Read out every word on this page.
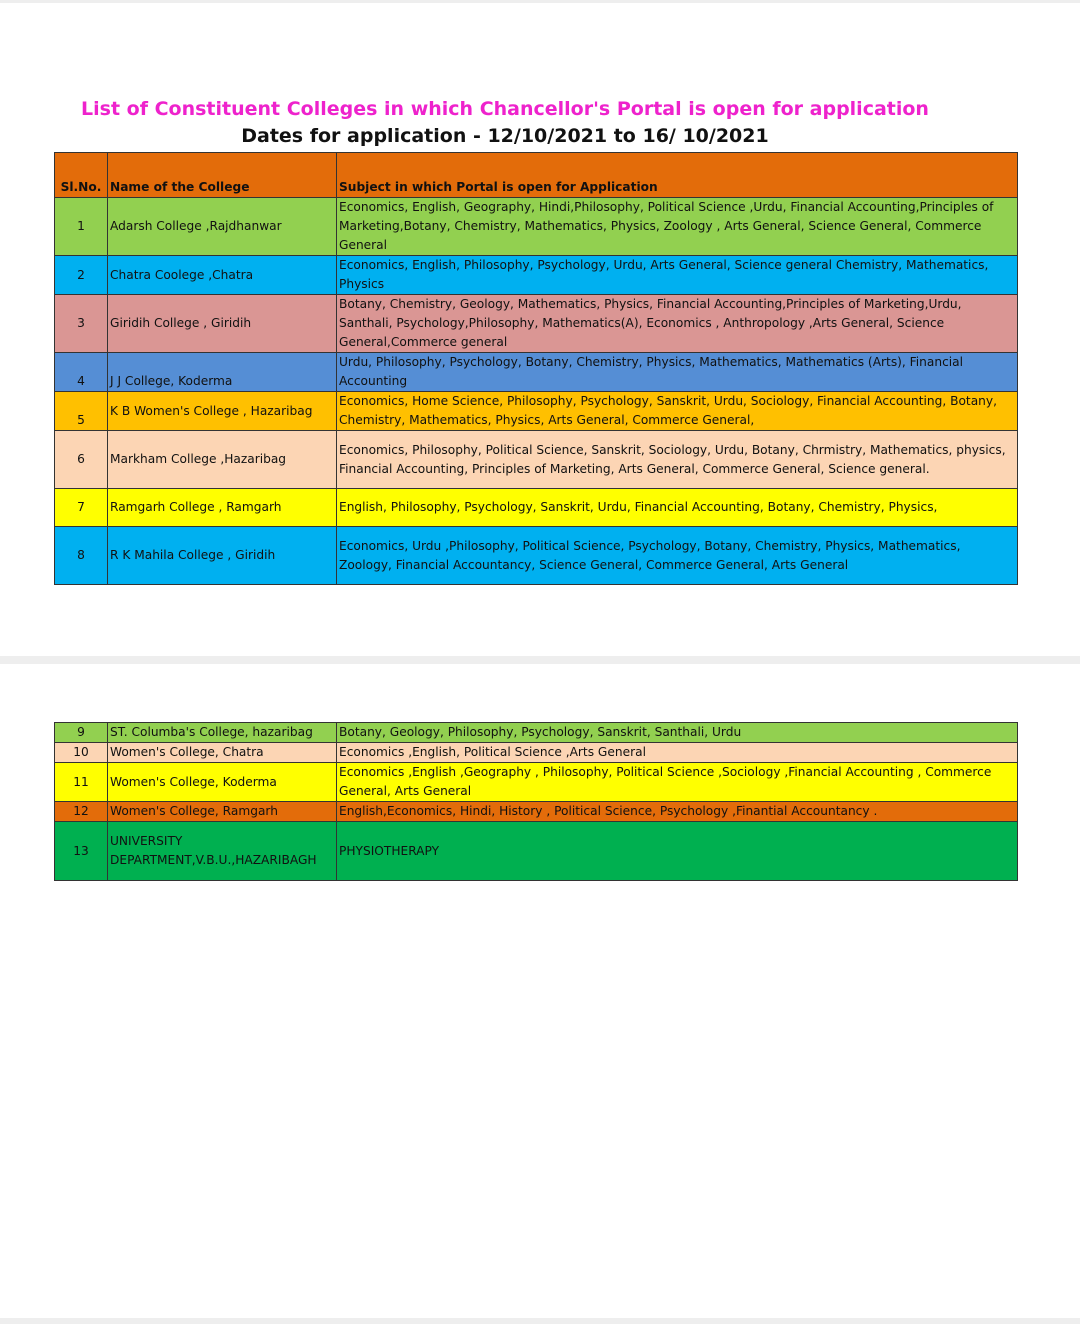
List of Constituent Colleges in which Chancellor's Portal is open for application
Dates for application - 12/10/2021 to 16/ 10/2021
Sl.No.	Name of the College	Subject in which Portal is open for Application
1	Adarsh College ,Rajdhanwar	Economics, English, Geography, Hindi,Philosophy, Political Science ,Urdu, Financial Accounting,Principles of Marketing,Botany, Chemistry, Mathematics, Physics, Zoology , Arts General, Science General, Commerce General
2	Chatra Coolege ,Chatra	Economics, English, Philosophy, Psychology, Urdu, Arts General, Science general Chemistry, Mathematics, Physics
3	Giridih College , Giridih	Botany, Chemistry, Geology, Mathematics, Physics, Financial Accounting,Principles of Marketing,Urdu, Santhali, Psychology,Philosophy, Mathematics(A), Economics , Anthropology ,Arts General, Science General,Commerce general
4	J J College, Koderma	Urdu, Philosophy, Psychology, Botany, Chemistry, Physics, Mathematics, Mathematics (Arts), Financial Accounting
5	K B Women's College , Hazaribag	Economics, Home Science, Philosophy, Psychology, Sanskrit, Urdu, Sociology, Financial Accounting, Botany, Chemistry, Mathematics, Physics, Arts General, Commerce General,
6	Markham College ,Hazaribag	Economics, Philosophy, Political Science, Sanskrit, Sociology, Urdu, Botany, Chrmistry, Mathematics, physics, Financial Accounting, Principles of Marketing, Arts General, Commerce General, Science general.
7	Ramgarh College , Ramgarh	English, Philosophy, Psychology, Sanskrit, Urdu, Financial Accounting, Botany, Chemistry, Physics,
8	R K Mahila College , Giridih	Economics, Urdu ,Philosophy, Political Science, Psychology, Botany, Chemistry, Physics, Mathematics, Zoology, Financial Accountancy, Science General, Commerce General, Arts General
9	ST. Columba's College, hazaribag	Botany, Geology, Philosophy, Psychology, Sanskrit, Santhali, Urdu
10	Women's College, Chatra	Economics ,English, Political Science ,Arts General
11	Women's College, Koderma	Economics ,English ,Geography , Philosophy, Political Science ,Sociology ,Financial Accounting , Commerce General, Arts General
12	Women's College, Ramgarh	English,Economics, Hindi, History , Political Science, Psychology ,Finantial Accountancy .
13	UNIVERSITY DEPARTMENT,V.B.U.,HAZARIBAGH	PHYSIOTHERAPY
